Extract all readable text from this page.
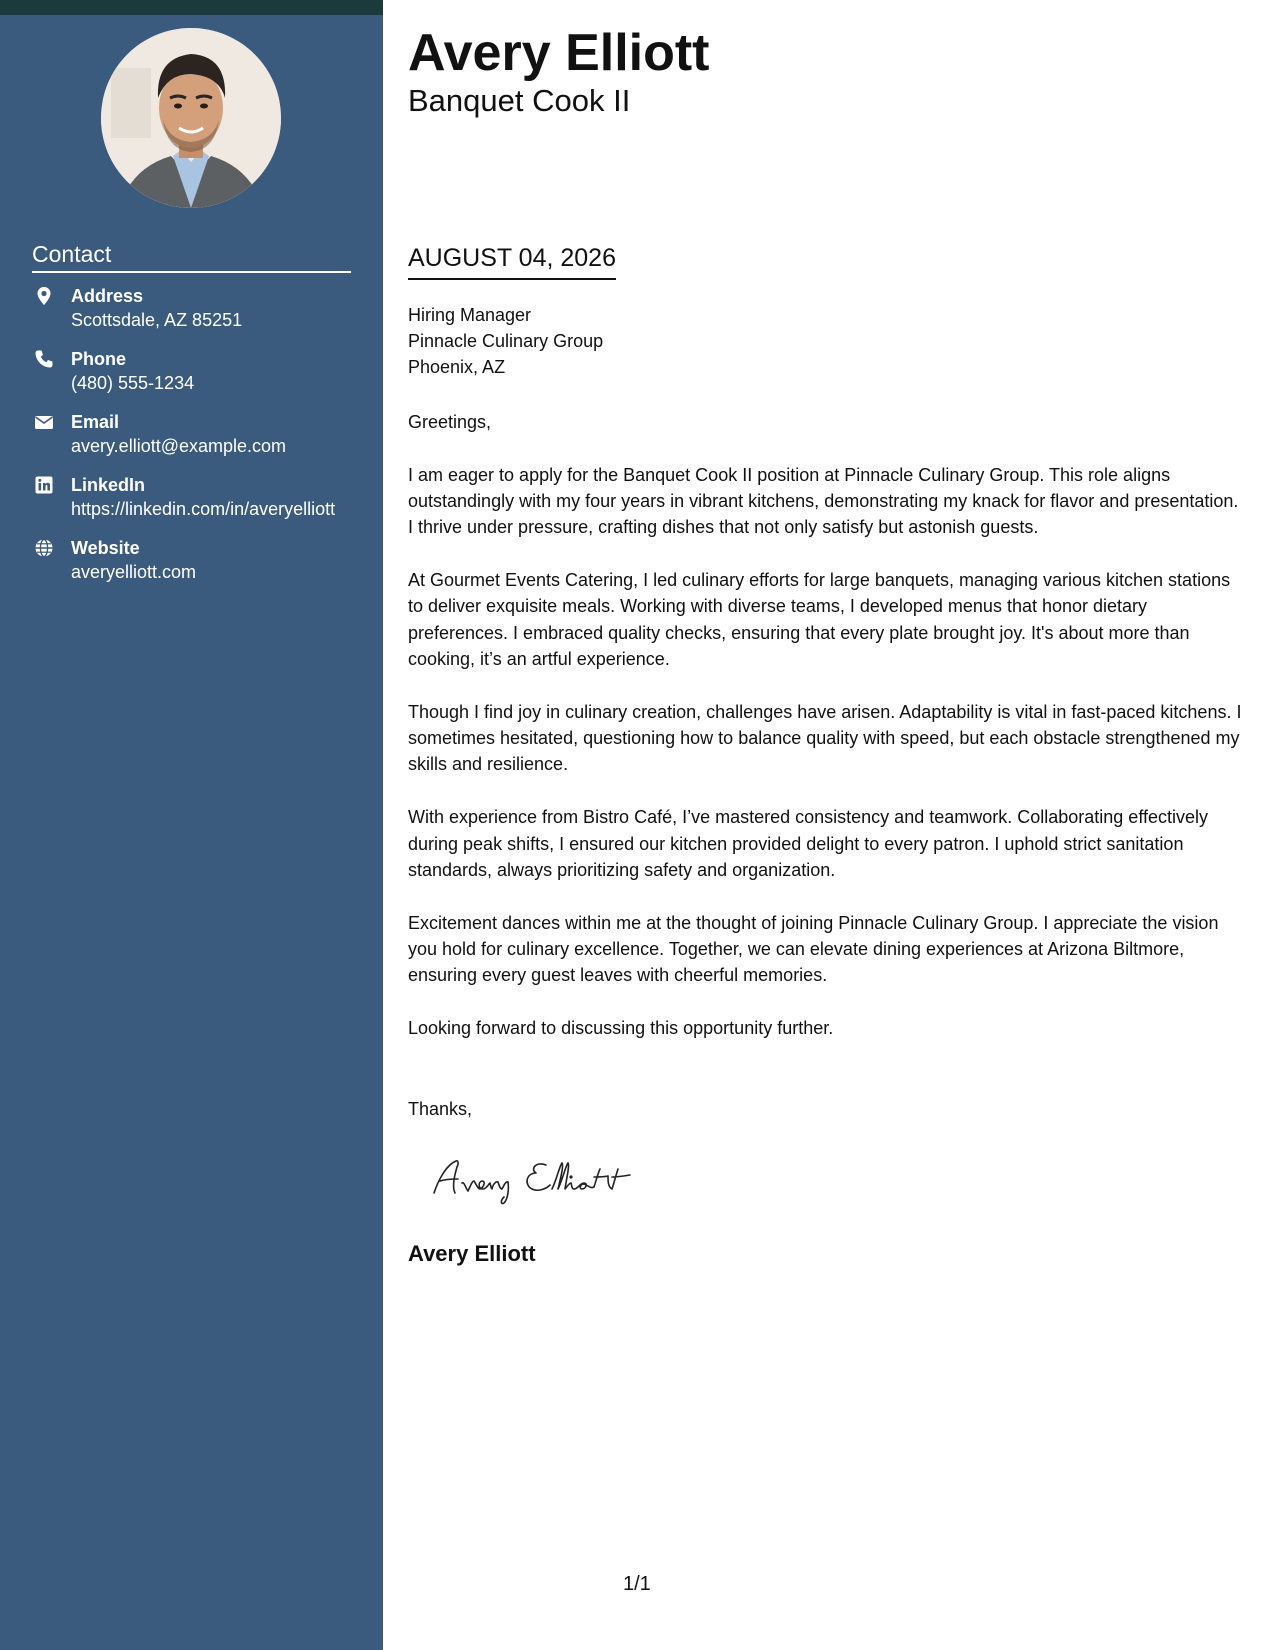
Contact
Address
Scottsdale, AZ 85251
Phone
(480) 555-1234
Email
avery.elliott@example.com
LinkedIn
https://linkedin.com/in/averyelliott
Website
averyelliott.com
Avery Elliott
Banquet Cook II
AUGUST 04, 2026
Hiring Manager
Pinnacle Culinary Group
Phoenix, AZ

Greetings,

I am eager to apply for the Banquet Cook II position at Pinnacle Culinary Group. This role aligns outstandingly with my four years in vibrant kitchens, demonstrating my knack for flavor and presentation. I thrive under pressure, crafting dishes that not only satisfy but astonish guests.

At Gourmet Events Catering, I led culinary efforts for large banquets, managing various kitchen stations to deliver exquisite meals. Working with diverse teams, I developed menus that honor dietary preferences. I embraced quality checks, ensuring that every plate brought joy. It's about more than cooking, it’s an artful experience.

Though I find joy in culinary creation, challenges have arisen. Adaptability is vital in fast-paced kitchens. I sometimes hesitated, questioning how to balance quality with speed, but each obstacle strengthened my skills and resilience.

With experience from Bistro Café, I’ve mastered consistency and teamwork. Collaborating effectively during peak shifts, I ensured our kitchen provided delight to every patron. I uphold strict sanitation standards, always prioritizing safety and organization.

Excitement dances within me at the thought of joining Pinnacle Culinary Group. I appreciate the vision you hold for culinary excellence. Together, we can elevate dining experiences at Arizona Biltmore, ensuring every guest leaves with cheerful memories.

Looking forward to discussing this opportunity further.

Thanks,

Avery Elliott

1/1
